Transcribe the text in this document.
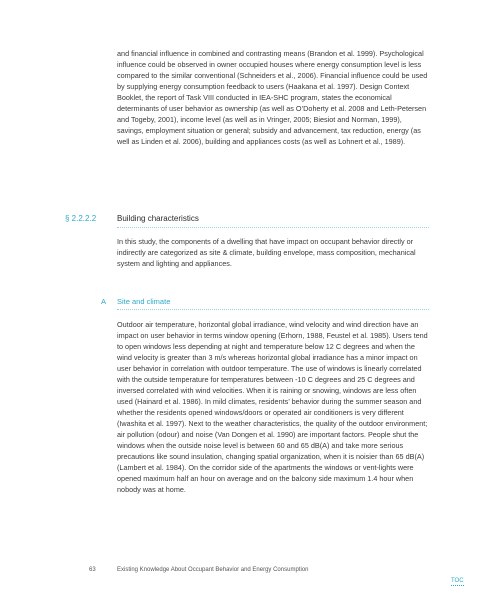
and financial influence in combined and contrasting means (Brandon et al. 1999). Psychological influence could be observed in owner occupied houses where energy consumption level is less compared to the similar conventional (Schneiders et al., 2006). Financial influence could be used by supplying energy consumption feedback to users (Haakana et al. 1997). Design Context Booklet, the report of Task VIII conducted in IEA-SHC program, states the economical determinants of user behavior as ownership (as well as O’Doherty et al. 2008 and Leth-Petersen and Togeby, 2001), income level (as well as in Vringer, 2005; Biesiot and Norman, 1999), savings, employment situation or general; subsidy and advancement, tax reduction, energy (as well as Linden et al. 2006), building and appliances costs (as well as Lohnert et al., 1989).

§ 2.2.2.2	Building characteristics

In this study, the components of a dwelling that have impact on occupant behavior directly or indirectly are categorized as site & climate, building envelope, mass composition, mechanical system and lighting and appliances.

A Site and climate

Outdoor air temperature, horizontal global irradiance, wind velocity and wind direction have an impact on user behavior in terms window opening (Erhorn, 1988, Feustel et al. 1985). Users tend to open windows less depending at night and temperature below 12 C degrees and when the wind velocity is greater than 3 m/s whereas horizontal global irradiance has a minor impact on user behavior in correlation with outdoor temperature. The use of windows is linearly correlated with the outside temperature for temperatures between -10 C degrees and 25 C degrees and inversed correlated with wind velocities. When it is raining or snowing, windows are less often used (Hainard et al. 1986). In mild climates, residents’ behavior during the summer season and whether the residents opened windows/doors or operated air conditioners is very different (Iwashita et al. 1997). Next to the weather characteristics, the quality of the outdoor environment; air pollution (odour) and noise (Van Dongen et al. 1990) are important factors. People shut the windows when the outside noise level is between 60 and 65 dB(A) and take more serious precautions like sound insulation, changing spatial organization, when it is noisier than 65 dB(A) (Lambert et al. 1984). On the corridor side of the apartments the windows or vent-lights were opened maximum half an hour on average and on the balcony side maximum 1.4 hour when nobody was at home.

63	Existing Knowledge About Occupant Behavior and Energy Consumption
TOC
